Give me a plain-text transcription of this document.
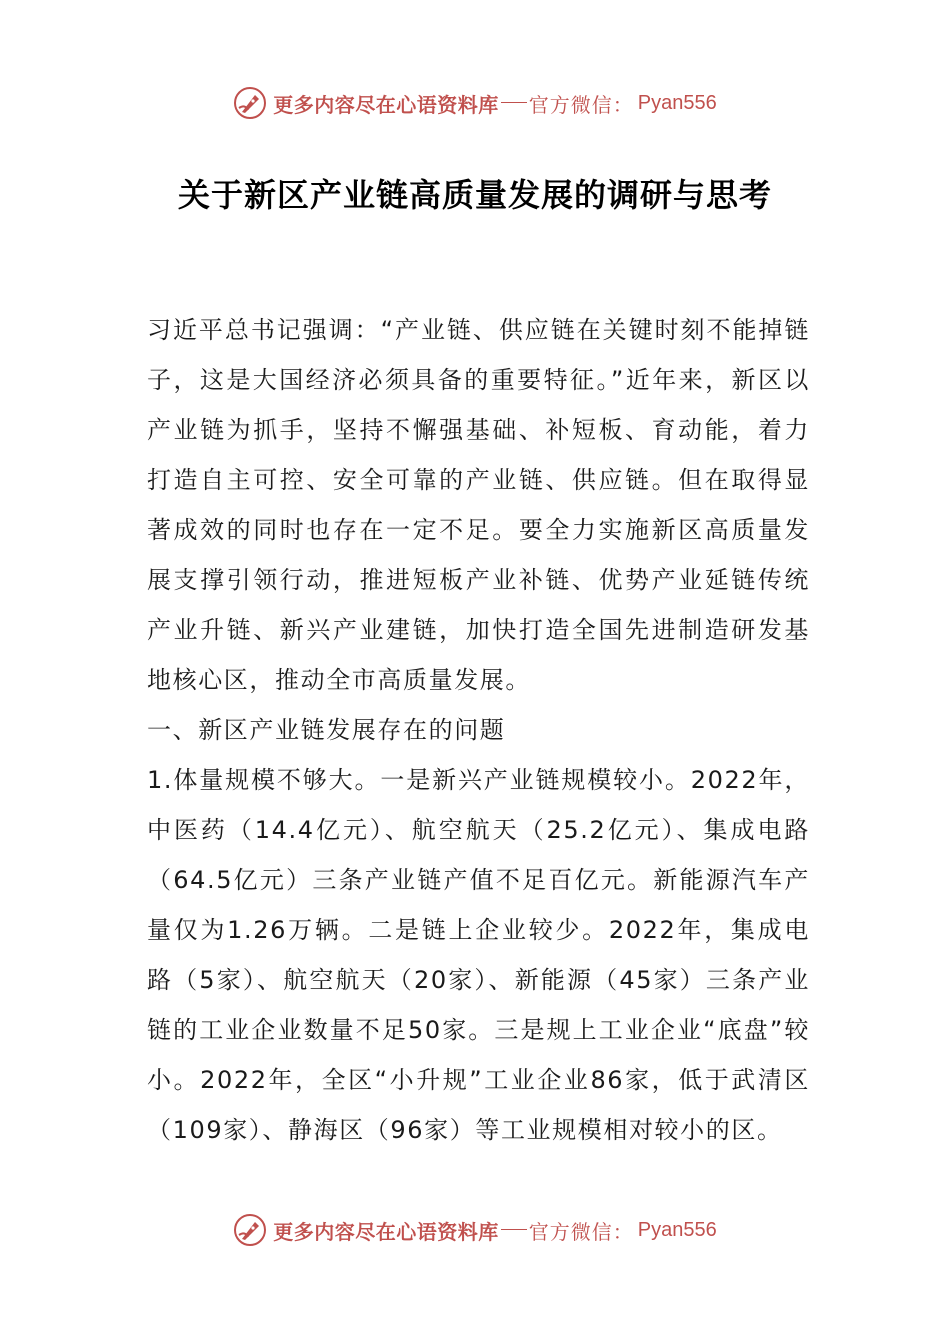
更多内容尽在心语资料库 官方微信： Pyan556
关于新区产业链高质量发展的调研与思考

习近平总书记强调：“产业链、供应链在关键时刻不能掉链子，这是大国经济必须具备的重要特征。”近年来，新区以产业链为抓手，坚持不懈强基础、补短板、育动能，着力打造自主可控、安全可靠的产业链、供应链。但在取得显著成效的同时也存在一定不足。要全力实施新区高质量发展支撑引领行动，推进短板产业补链、优势产业延链传统产业升链、新兴产业建链，加快打造全国先进制造研发基地核心区，推动全市高质量发展。

一、新区产业链发展存在的问题

1.体量规模不够大。一是新兴产业链规模较小。2022年，中医药（14.4亿元）、航空航天（25.2亿元）、集成电路（64.5亿元）三条产业链产值不足百亿元。新能源汽车产量仅为1.26万辆。二是链上企业较少。2022年，集成电路（5家）、航空航天（20家）、新能源（45家）三条产业链的工业企业数量不足50家。三是规上工业企业“底盘”较小。2022年，全区“小升规”工业企业86家，低于武清区（109家）、静海区（96家）等工业规模相对较小的区。

更多内容尽在心语资料库 官方微信： Pyan556
